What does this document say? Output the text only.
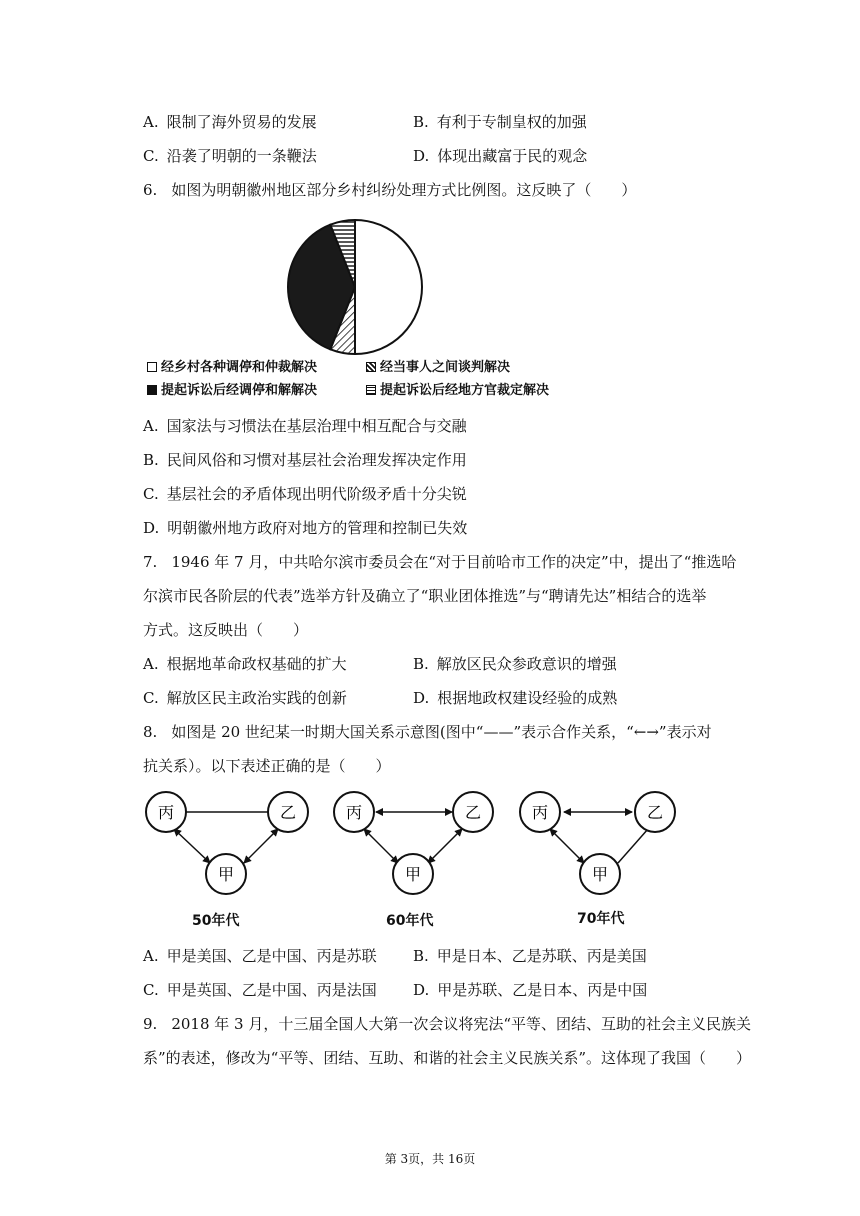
A. 限制了海外贸易的发展	B. 有利于专制皇权的加强
C. 沿袭了明朝的一条鞭法	D. 体现出藏富于民的观念
6. 如图为明朝徽州地区部分乡村纠纷处理方式比例图。这反映了（　　）
经乡村各种调停和仲裁解决	经当事人之间谈判解决
提起诉讼后经调停和解解决	提起诉讼后经地方官裁定解决
A. 国家法与习惯法在基层治理中相互配合与交融
B. 民间风俗和习惯对基层社会治理发挥决定作用
C. 基层社会的矛盾体现出明代阶级矛盾十分尖锐
D. 明朝徽州地方政府对地方的管理和控制已失效
7. 1946 年 7 月，中共哈尔滨市委员会在“对于目前哈市工作的决定”中，提出了“推选哈
尔滨市民各阶层的代表”选举方针及确立了“职业团体推选”与“聘请先达”相结合的选举
方式。这反映出（　　）
A. 根据地革命政权基础的扩大	B. 解放区民众参政意识的增强
C. 解放区民主政治实践的创新	D. 根据地政权建设经验的成熟
8. 如图是 20 世纪某一时期大国关系示意图(图中“——”表示合作关系，“←→”表示对
抗关系）。以下表述正确的是（　　）
丙	乙
甲
丙	乙
甲
丙	乙
甲
50年代	60年代	70年代
A. 甲是美国、乙是中国、丙是苏联 B. 甲是日本、乙是苏联、丙是美国
C. 甲是英国、乙是中国、丙是法国 D. 甲是苏联、乙是日本、丙是中国
9. 2018 年 3 月，十三届全国人大第一次会议将宪法“平等、团结、互助的社会主义民族关
系”的表述，修改为“平等、团结、互助、和谐的社会主义民族关系”。这体现了我国（　　）
第 3页，共 16页
